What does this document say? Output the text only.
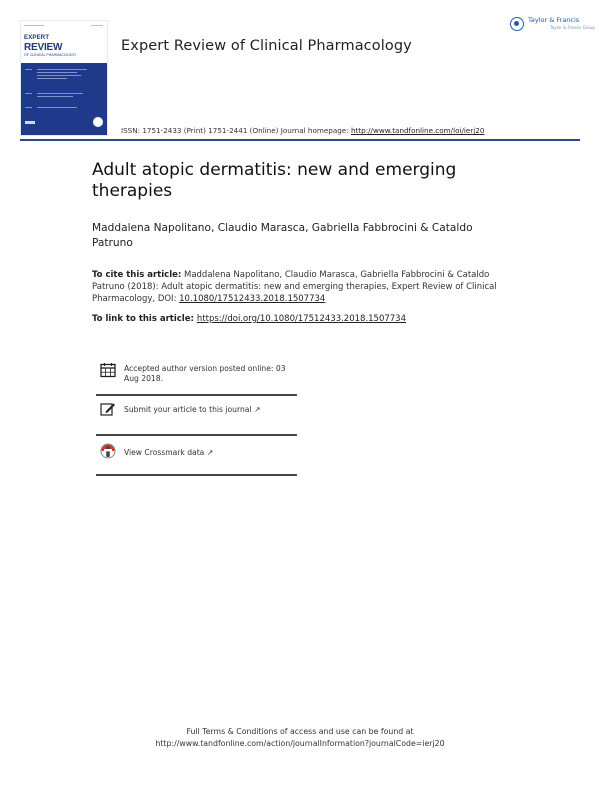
EXPERT
REVIEW
OF CLINICAL PHARMACOLOGY
Expert Review of Clinical Pharmacology
Taylor & Francis
Taylor & Francis Group
ISSN: 1751-2433 (Print) 1751-2441 (Online) Journal homepage: http://www.tandfonline.com/loi/ierj20
Adult atopic dermatitis: new and emerging therapies
Maddalena Napolitano, Claudio Marasca, Gabriella Fabbrocini & Cataldo Patruno
To cite this article: Maddalena Napolitano, Claudio Marasca, Gabriella Fabbrocini & Cataldo Patruno (2018): Adult atopic dermatitis: new and emerging therapies, Expert Review of Clinical Pharmacology, DOI: 10.1080/17512433.2018.1507734
To link to this article: https://doi.org/10.1080/17512433.2018.1507734
Accepted author version posted online: 03 Aug 2018.
Submit your article to this journal ↗
View Crossmark data ↗
Full Terms & Conditions of access and use can be found at
http://www.tandfonline.com/action/journalInformation?journalCode=ierj20
